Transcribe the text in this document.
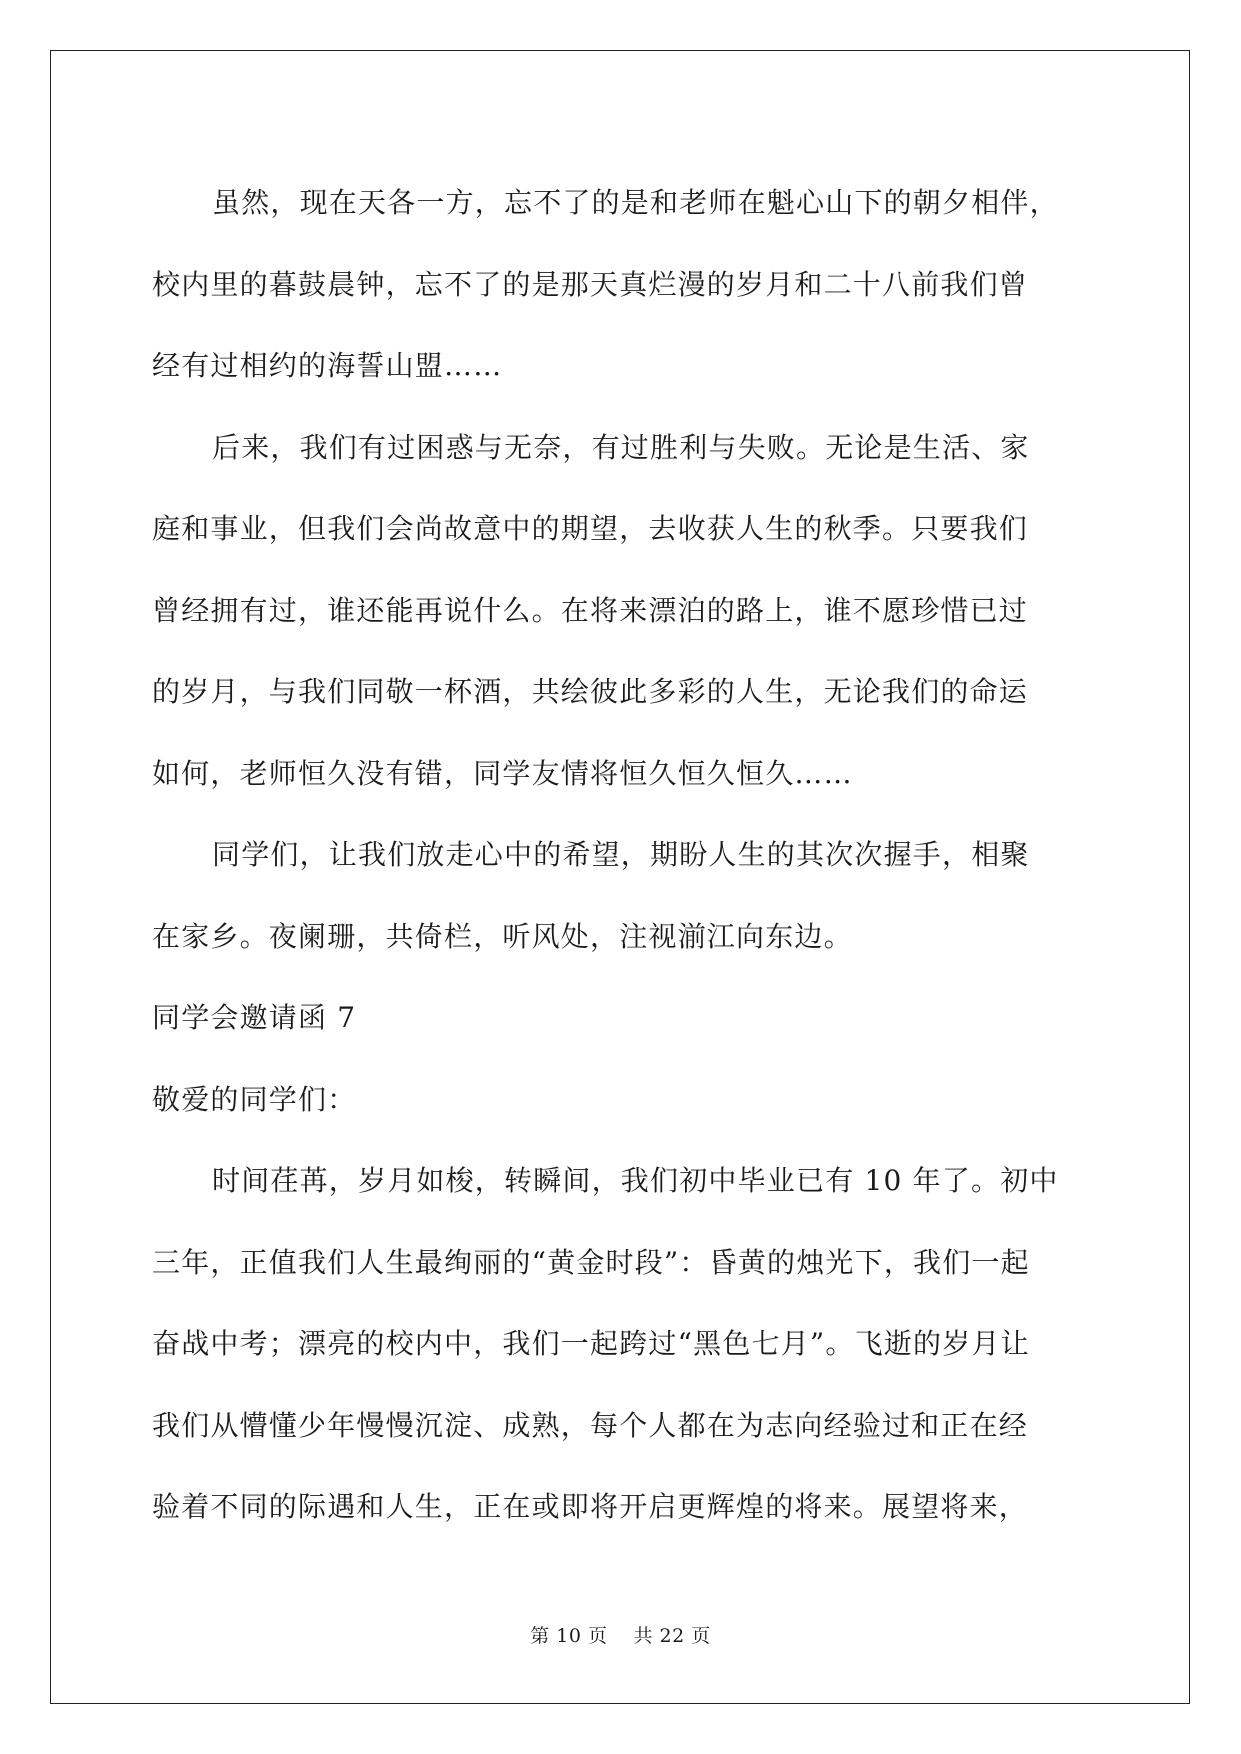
虽然，现在天各一方，忘不了的是和老师在魁心山下的朝夕相伴，
校内里的暮鼓晨钟，忘不了的是那天真烂漫的岁月和二十八前我们曾
经有过相约的海誓山盟……
后来，我们有过困惑与无奈，有过胜利与失败。无论是生活、家
庭和事业，但我们会尚故意中的期望，去收获人生的秋季。只要我们
曾经拥有过，谁还能再说什么。在将来漂泊的路上，谁不愿珍惜已过
的岁月，与我们同敬一杯酒，共绘彼此多彩的人生，无论我们的命运
如何，老师恒久没有错，同学友情将恒久恒久恒久……
同学们，让我们放走心中的希望，期盼人生的其次次握手，相聚
在家乡。夜阑珊，共倚栏，听风处，注视湔江向东边。
同学会邀请函 7
敬爱的同学们：
时间荏苒，岁月如梭，转瞬间，我们初中毕业已有 10 年了。初中
三年，正值我们人生最绚丽的“黄金时段”：昏黄的烛光下，我们一起
奋战中考；漂亮的校内中，我们一起跨过“黑色七月”。飞逝的岁月让
我们从懵懂少年慢慢沉淀、成熟，每个人都在为志向经验过和正在经
验着不同的际遇和人生，正在或即将开启更辉煌的将来。展望将来，

第 10 页　 共 22 页
